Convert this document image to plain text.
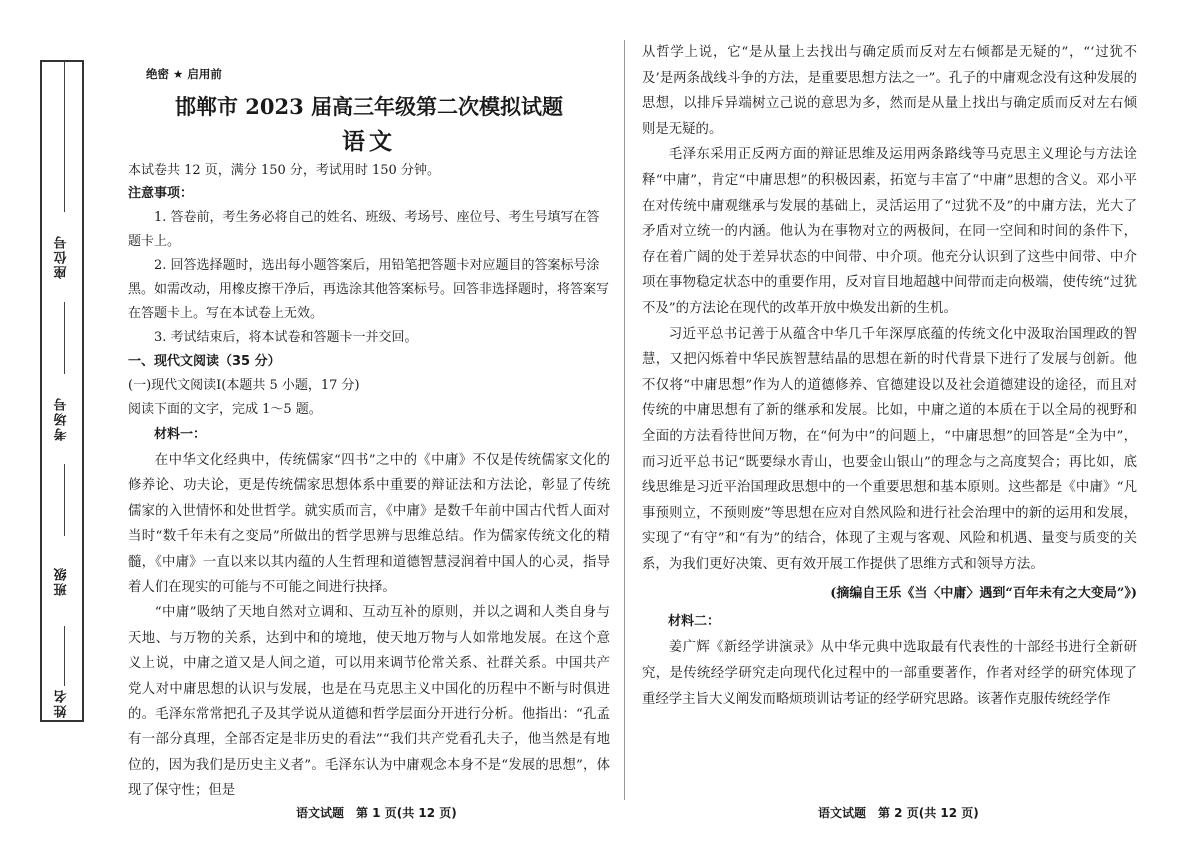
座位号
考场号
班级
姓名
绝密 ★ 启用前
邯郸市 2023 届高三年级第二次模拟试题
语文
本试卷共 12 页，满分 150 分，考试用时 150 分钟。
注意事项：

1. 答卷前，考生务必将自己的姓名、班级、考场号、座位号、考生号填写在答题卡上。

2. 回答选择题时，选出每小题答案后，用铅笔把答题卡对应题目的答案标号涂黑。如需改动，用橡皮擦干净后，再选涂其他答案标号。回答非选择题时，将答案写在答题卡上。写在本试卷上无效。

3. 考试结束后，将本试卷和答题卡一并交回。

一、现代文阅读（35 分）
(一)现代文阅读Ⅰ(本题共 5 小题，17 分)
阅读下面的文字，完成 1～5 题。
材料一：

在中华文化经典中，传统儒家“四书”之中的《中庸》不仅是传统儒家文化的修养论、功夫论，更是传统儒家思想体系中重要的辩证法和方法论，彰显了传统儒家的入世情怀和处世哲学。就实质而言，《中庸》是数千年前中国古代哲人面对当时“数千年未有之变局”所做出的哲学思辨与思维总结。作为儒家传统文化的精髓，《中庸》一直以来以其内蕴的人生哲理和道德智慧浸润着中国人的心灵，指导着人们在现实的可能与不可能之间进行抉择。

“中庸”吸纳了天地自然对立调和、互动互补的原则，并以之调和人类自身与天地、与万物的关系，达到中和的境地，使天地万物与人如常地发展。在这个意义上说，中庸之道又是人间之道，可以用来调节伦常关系、社群关系。中国共产党人对中庸思想的认识与发展，也是在马克思主义中国化的历程中不断与时俱进的。毛泽东常常把孔子及其学说从道德和哲学层面分开进行分析。他指出：“孔孟有一部分真理，全部否定是非历史的看法”“我们共产党看孔夫子，他当然是有地位的，因为我们是历史主义者”。毛泽东认为中庸观念本身不是“发展的思想”，体现了保守性；但是

从哲学上说，它“是从量上去找出与确定质而反对左右倾都是无疑的”，“‘过犹不及’是两条战线斗争的方法，是重要思想方法之一”。孔子的中庸观念没有这种发展的思想，以排斥异端树立己说的意思为多，然而是从量上找出与确定质而反对左右倾则是无疑的。

毛泽东采用正反两方面的辩证思维及运用两条路线等马克思主义理论与方法诠释“中庸”，肯定“中庸思想”的积极因素，拓宽与丰富了“中庸”思想的含义。邓小平在对传统中庸观继承与发展的基础上，灵活运用了“过犹不及”的中庸方法，光大了矛盾对立统一的内涵。他认为在事物对立的两极间，在同一空间和时间的条件下，存在着广阔的处于差异状态的中间带、中介项。他充分认识到了这些中间带、中介项在事物稳定状态中的重要作用，反对盲目地超越中间带而走向极端，使传统“过犹不及”的方法论在现代的改革开放中焕发出新的生机。

习近平总书记善于从蕴含中华几千年深厚底蕴的传统文化中汲取治国理政的智慧，又把闪烁着中华民族智慧结晶的思想在新的时代背景下进行了发展与创新。他不仅将“中庸思想”作为人的道德修养、官德建设以及社会道德建设的途径，而且对传统的中庸思想有了新的继承和发展。比如，中庸之道的本质在于以全局的视野和全面的方法看待世间万物，在“何为中”的问题上，“中庸思想”的回答是“全为中”，而习近平总书记“既要绿水青山，也要金山银山”的理念与之高度契合；再比如，底线思维是习近平治国理政思想中的一个重要思想和基本原则。这些都是《中庸》“凡事预则立，不预则废”等思想在应对自然风险和进行社会治理中的新的运用和发展，实现了“有守”和“有为”的结合，体现了主观与客观、风险和机遇、量变与质变的关系，为我们更好决策、更有效开展工作提供了思维方式和领导方法。

(摘编自王乐《当〈中庸〉遇到“百年未有之大变局”》)
材料二：

姜广辉《新经学讲演录》从中华元典中选取最有代表性的十部经书进行全新研究，是传统经学研究走向现代化过程中的一部重要著作，作者对经学的研究体现了重经学主旨大义阐发而略烦琐训诂考证的经学研究思路。该著作克服传统经学作

语文试题　第 1 页(共 12 页)	语文试题　第 2 页(共 12 页)
